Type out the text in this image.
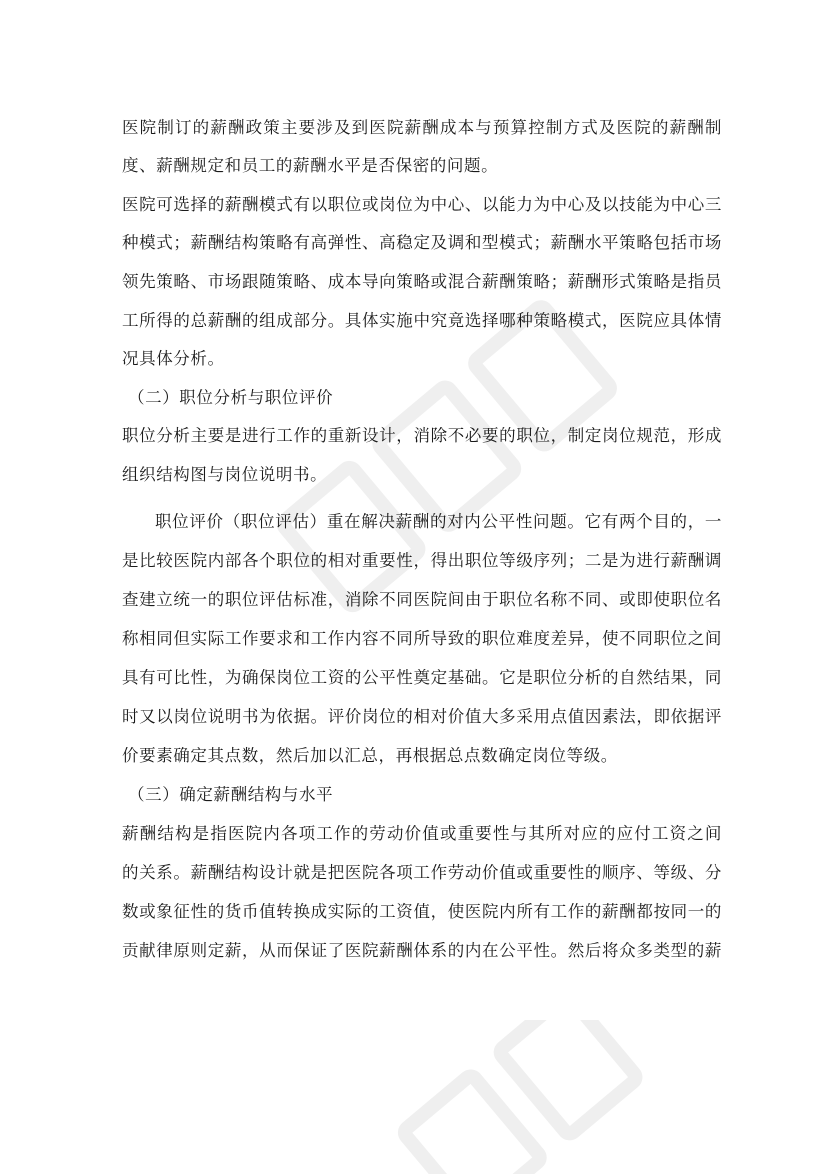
医院制订的薪酬政策主要涉及到医院薪酬成本与预算控制方式及医院的薪酬制
度、薪酬规定和员工的薪酬水平是否保密的问题。
医院可选择的薪酬模式有以职位或岗位为中心、以能力为中心及以技能为中心三
种模式；薪酬结构策略有高弹性、高稳定及调和型模式；薪酬水平策略包括市场
领先策略、市场跟随策略、成本导向策略或混合薪酬策略；薪酬形式策略是指员
工所得的总薪酬的组成部分。具体实施中究竟选择哪种策略模式，医院应具体情
况具体分析。
（二）职位分析与职位评价
职位分析主要是进行工作的重新设计，消除不必要的职位，制定岗位规范，形成
组织结构图与岗位说明书。
职位评价（职位评估）重在解决薪酬的对内公平性问题。它有两个目的，一
是比较医院内部各个职位的相对重要性，得出职位等级序列；二是为进行薪酬调
查建立统一的职位评估标准，消除不同医院间由于职位名称不同、或即使职位名
称相同但实际工作要求和工作内容不同所导致的职位难度差异，使不同职位之间
具有可比性，为确保岗位工资的公平性奠定基础。它是职位分析的自然结果，同
时又以岗位说明书为依据。评价岗位的相对价值大多采用点值因素法，即依据评
价要素确定其点数，然后加以汇总，再根据总点数确定岗位等级。
（三）确定薪酬结构与水平
薪酬结构是指医院内各项工作的劳动价值或重要性与其所对应的应付工资之间
的关系。薪酬结构设计就是把医院各项工作劳动价值或重要性的顺序、等级、分
数或象征性的货币值转换成实际的工资值，使医院内所有工作的薪酬都按同一的
贡献律原则定薪，从而保证了医院薪酬体系的内在公平性。然后将众多类型的薪
